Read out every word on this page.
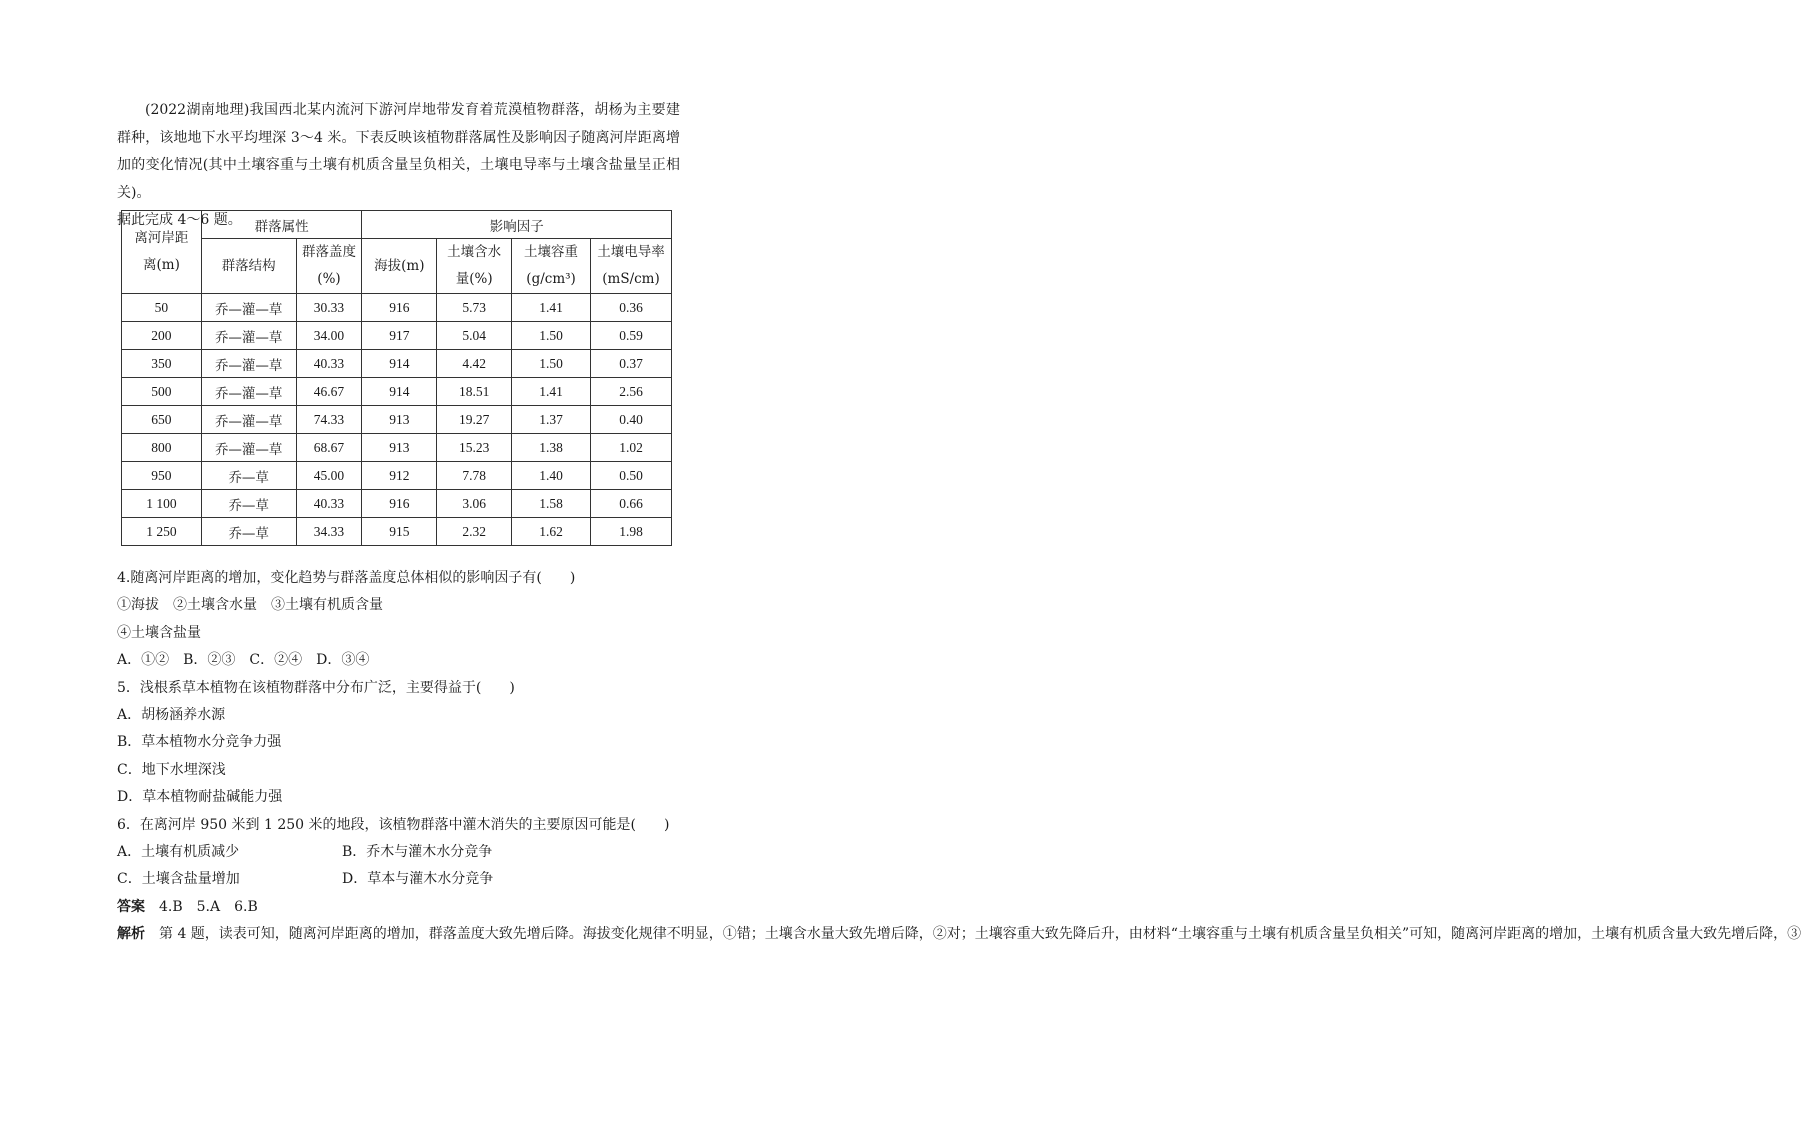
(2022湖南地理)我国西北某内流河下游河岸地带发育着荒漠植物群落，胡杨为主要建群种，该地地下水平均埋深 3～4 米。下表反映该植物群落属性及影响因子随离河岸距离增加的变化情况(其中土壤容重与土壤有机质含量呈负相关，土壤电导率与土壤含盐量呈正相关)。

据此完成 4～6 题。

离河岸距离(m)	群落属性		影响因子			
	群落结构	群落盖度(%)	海拔(m)	土壤含水量(%)	土壤容重(g/cm³)	土壤电导率(mS/cm)
50	乔—灌—草	30.33	916	5.73	1.41	0.36
200	乔—灌—草	34.00	917	5.04	1.50	0.59
350	乔—灌—草	40.33	914	4.42	1.50	0.37
500	乔—灌—草	46.67	914	18.51	1.41	2.56
650	乔—灌—草	74.33	913	19.27	1.37	0.40
800	乔—灌—草	68.67	913	15.23	1.38	1.02
950	乔—草	45.00	912	7.78	1.40	0.50
1 100	乔—草	40.33	916	3.06	1.58	0.66
1 250	乔—草	34.33	915	2.32	1.62	1.98

4.随离河岸距离的增加，变化趋势与群落盖度总体相似的影响因子有(　　)

①海拔　②土壤含水量　③土壤有机质含量

④土壤含盐量

A．①②　B．②③　C．②④　D．③④

5．浅根系草本植物在该植物群落中分布广泛，主要得益于(　　)

A．胡杨涵养水源

B．草本植物水分竞争力强

C．地下水埋深浅

D．草本植物耐盐碱能力强

6．在离河岸 950 米到 1 250 米的地段，该植物群落中灌木消失的主要原因可能是(　　)

A．土壤有机质减少	B．乔木与灌木水分竞争

C．土壤含盐量增加	D．草本与灌木水分竞争

答案　4.B　5.A　6.B

解析　第 4 题，读表可知，随离河岸距离的增加，群落盖度大致先增后降。海拔变化规律不明显，①错；土壤含水量大致先增后降，②对；土壤容重大致先降后升，由材料“土壤容重与土壤有机质含量呈负相关”可知，随离河岸距离的增加，土壤有机质含量大致先增后降，③
